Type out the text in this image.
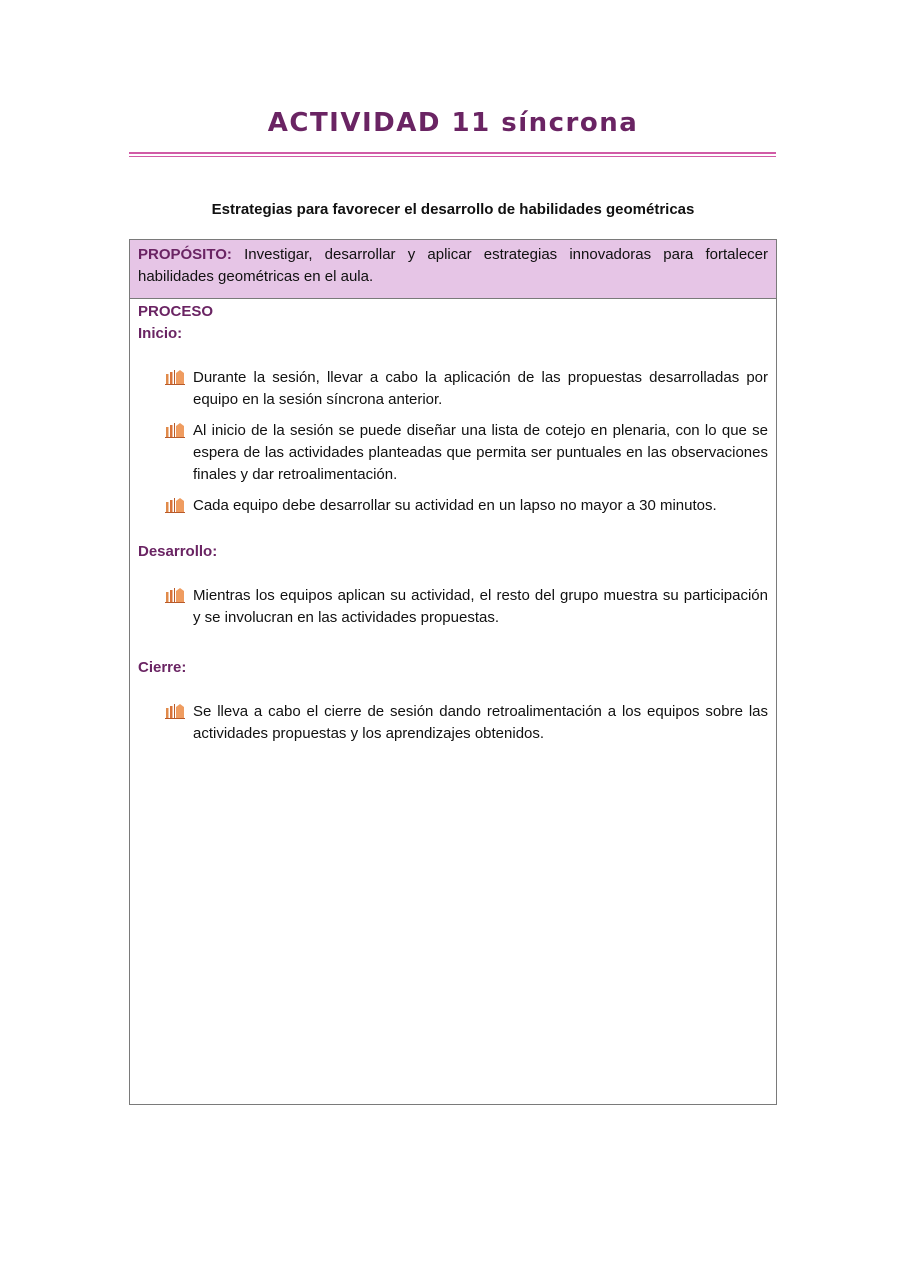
ACTIVIDAD 11 síncrona

Estrategias para favorecer el desarrollo de habilidades geométricas

PROPÓSITO: Investigar, desarrollar y aplicar estrategias innovadoras para fortalecer habilidades geométricas en el aula.

PROCESO

Inicio:

Durante la sesión, llevar a cabo la aplicación de las propuestas desarrolladas por equipo en la sesión síncrona anterior.
Al inicio de la sesión se puede diseñar una lista de cotejo en plenaria, con lo que se espera de las actividades planteadas que permita ser puntuales en las observaciones finales y dar retroalimentación.
Cada equipo debe desarrollar su actividad en un lapso no mayor a 30 minutos.

Desarrollo:

Mientras los equipos aplican su actividad, el resto del grupo muestra su participación y se involucran en las actividades propuestas.

Cierre:

Se lleva a cabo el cierre de sesión dando retroalimentación a los equipos sobre las actividades propuestas y los aprendizajes obtenidos.
